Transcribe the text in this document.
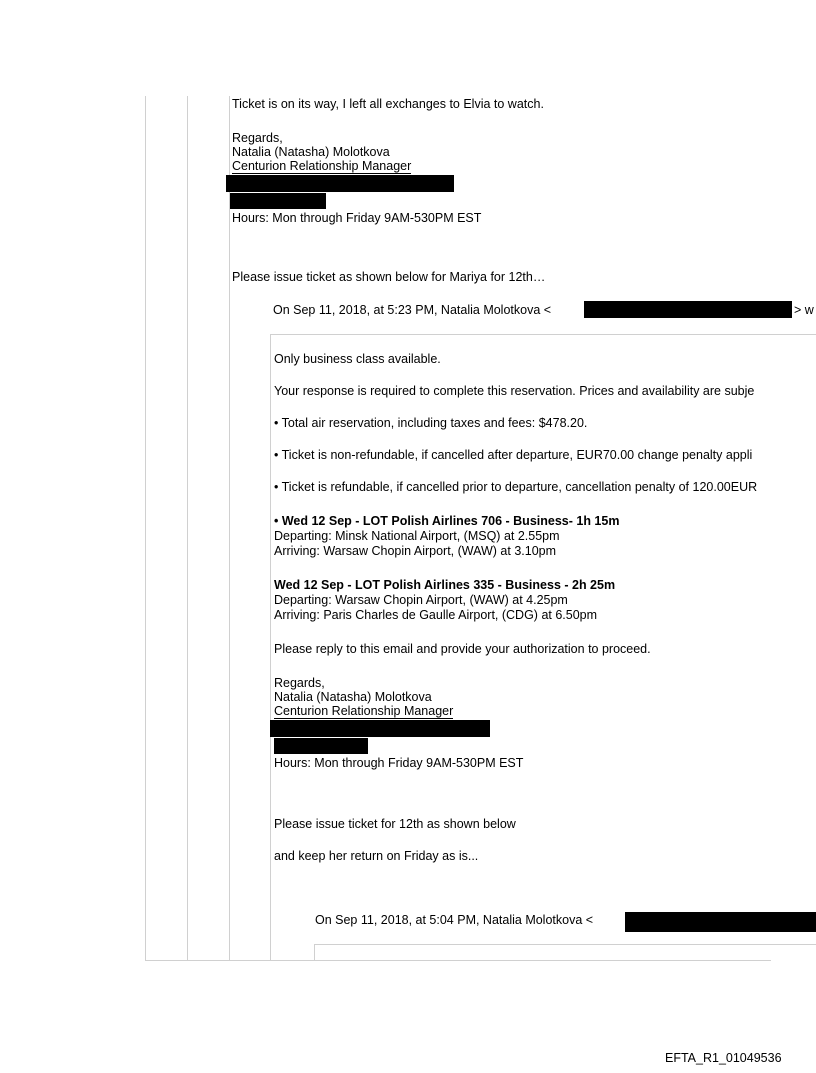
Ticket is on its way, I left all exchanges to Elvia to watch.
Regards,
Natalia (Natasha) Molotkova
Centurion Relationship Manager
Hours: Mon through Friday 9AM-530PM EST
Please issue ticket as shown below for Mariya for 12th…
On Sep 11, 2018, at 5:23 PM, Natalia Molotkova <	> w
Only business class available.
Your response is required to complete this reservation. Prices and availability are subje
• Total air reservation, including taxes and fees: $478.20.
• Ticket is non-refundable, if cancelled after departure, EUR70.00 change penalty appli
• Ticket is refundable, if cancelled prior to departure, cancellation penalty of 120.00EUR
• Wed 12 Sep - LOT Polish Airlines 706 - Business- 1h 15m
Departing: Minsk National Airport, (MSQ) at 2.55pm
Arriving: Warsaw Chopin Airport, (WAW) at 3.10pm
Wed 12 Sep - LOT Polish Airlines 335 - Business - 2h 25m
Departing: Warsaw Chopin Airport, (WAW) at 4.25pm
Arriving: Paris Charles de Gaulle Airport, (CDG) at 6.50pm
Please reply to this email and provide your authorization to proceed.
Regards,
Natalia (Natasha) Molotkova
Centurion Relationship Manager
Hours: Mon through Friday 9AM-530PM EST
Please issue ticket for 12th as shown below
and keep her return on Friday as is...
On Sep 11, 2018, at 5:04 PM, Natalia Molotkova <
EFTA_R1_01049536
